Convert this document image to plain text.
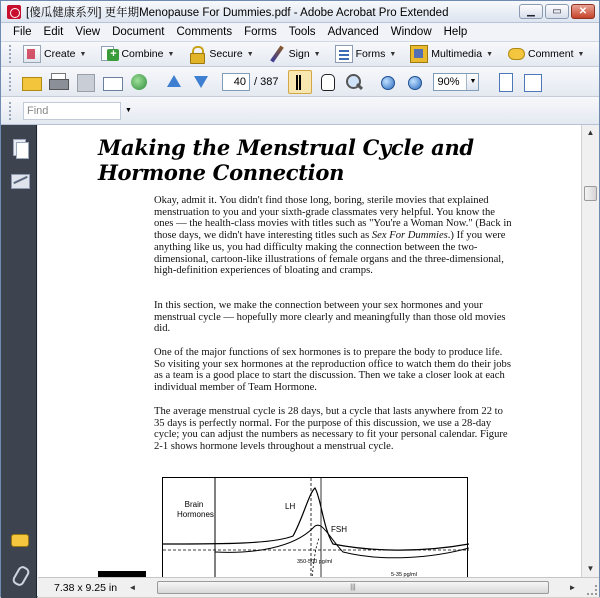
[傻瓜健康系列] 更年期Menopause For Dummies.pdf - Adobe Acrobat Pro Extended	▁	▭	✕
File	Edit	View	Document	Comments	Forms	Tools	Advanced	Window	Help
Create ▼
+	Combine ▼	Secure ▼	Sign ▼	Forms ▼	Multimedia ▼	Comment ▼
40 / 387	90%	▼
Find	▼
Making the Menstrual Cycle and Hormone Connection

Okay, admit it. You didn't find those long, boring, sterile movies that explained menstruation to you and your sixth-grade classmates very helpful. You know the ones — the health-class movies with titles such as "You're a Woman Now." (Back in those days, we didn't have interesting titles such as Sex For Dummies.) If you were anything like us, you had difficulty making the connection between the two-dimensional, cartoon-like illustrations of female organs and the three-dimensional, high-definition experiences of bloating and cramps.

In this section, we make the connection between your sex hormones and your menstrual cycle — hopefully more clearly and meaningfully than those old movies did.

One of the major functions of sex hormones is to prepare the body to produce life. So visiting your sex hormones at the reproduction office to watch them do their jobs as a team is a good place to start the discussion. Then we take a closer look at each individual member of Team Hormone.

The average menstrual cycle is 28 days, but a cycle that lasts anywhere from 22 to 35 days is perfectly normal. For the purpose of this discussion, we use a 28-day cycle; you can adjust the numbers as necessary to fit your personal calendar. Figure 2-1 shows hormone levels throughout a menstrual cycle.

Brain Hormones
LH
FSH
350-500 pg/ml
5-35 pg/ml
▲
▼
7.38 x 9.25 in	◄	|||	►
